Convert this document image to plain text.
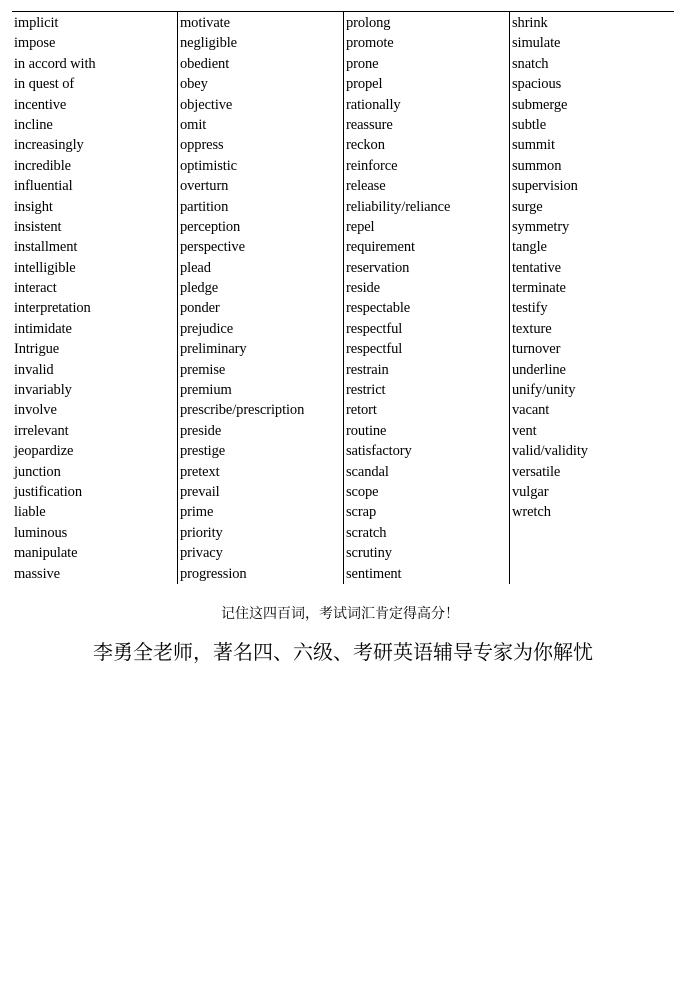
implicit
impose
in accord with
in quest of
incentive
incline
increasingly
incredible
influential
insight
insistent
installment
intelligible
interact
interpretation
intimidate
Intrigue
invalid
invariably
involve
irrelevant
jeopardize
junction
justification
liable
luminous
manipulate
massive
motivate
negligible
obedient
obey
objective
omit
oppress
optimistic
overturn
partition
perception
perspective
plead
pledge
ponder
prejudice
preliminary
premise
premium
prescribe/prescription
preside
prestige
pretext
prevail
prime
priority
privacy
progression
prolong
promote
prone
propel
rationally
reassure
reckon
reinforce
release
reliability/reliance
repel
requirement
reservation
reside
respectable
respectful
respectful
restrain
restrict
retort
routine
satisfactory
scandal
scope
scrap
scratch
scrutiny
sentiment
shrink
simulate
snatch
spacious
submerge
subtle
summit
summon
supervision
surge
symmetry
tangle
tentative
terminate
testify
texture
turnover
underline
unify/unity
vacant
vent
valid/validity
versatile
vulgar
wretch
记住这四百词，考试词汇肯定得高分！
李勇全老师，著名四、六级、考研英语辅导专家为你解忧
